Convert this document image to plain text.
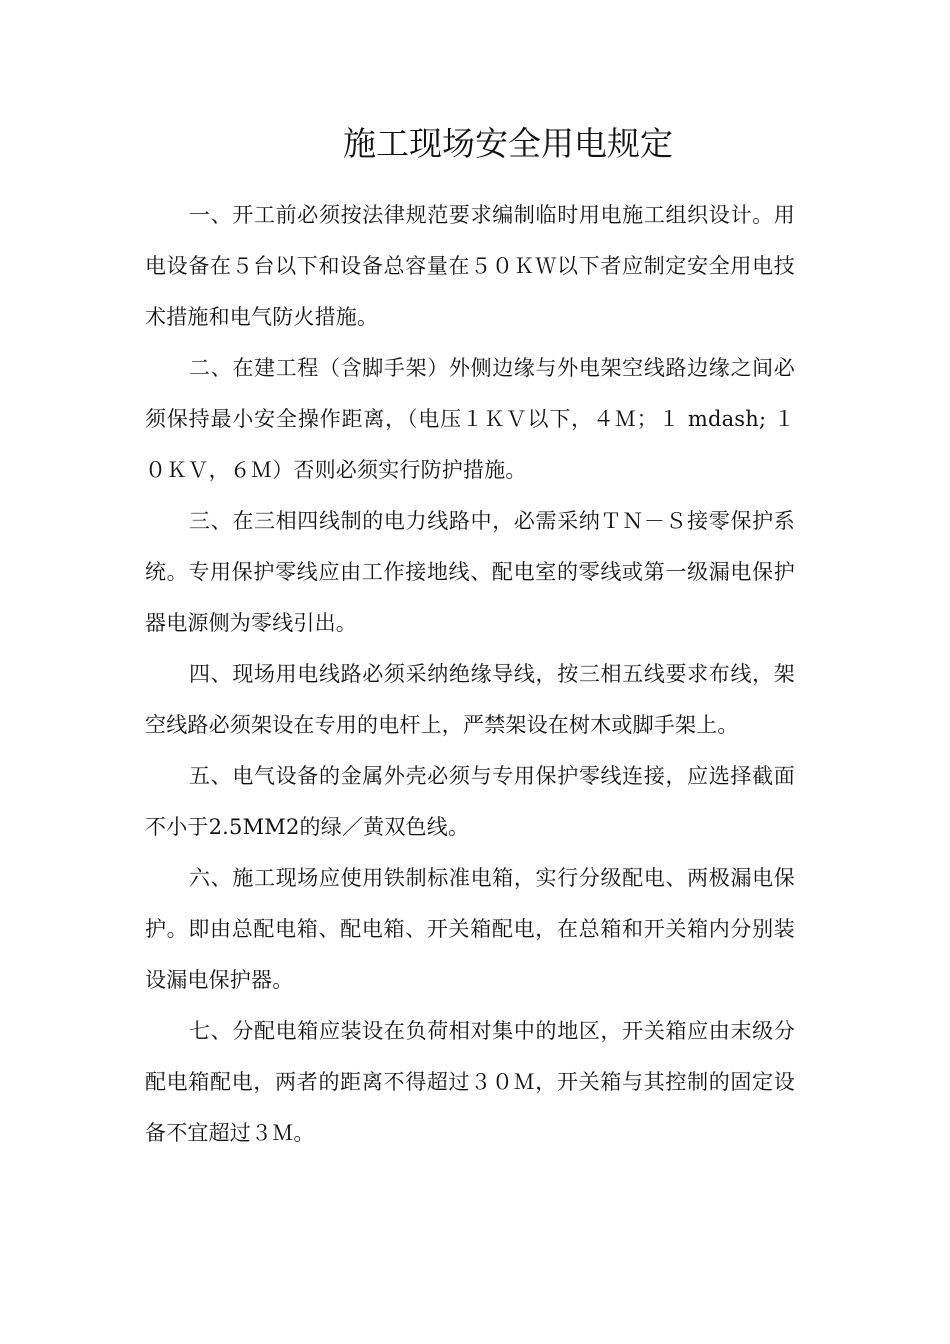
施工现场安全用电规定

一、开工前必须按法律规范要求编制临时用电施工组织设计。用电设备在５台以下和设备总容量在５０ＫＷ以下者应制定安全用电技术措施和电气防火措施。

二、在建工程（含脚手架）外侧边缘与外电架空线路边缘之间必须保持最小安全操作距离，（电压１ＫＶ以下，４Ｍ；１ mdash; １０ＫＶ，６Ｍ）否则必须实行防护措施。

三、在三相四线制的电力线路中，必需采纳ＴＮ－Ｓ接零保护系统。专用保护零线应由工作接地线、配电室的零线或第一级漏电保护器电源侧为零线引出。

四、现场用电线路必须采纳绝缘导线，按三相五线要求布线，架空线路必须架设在专用的电杆上，严禁架设在树木或脚手架上。

五、电气设备的金属外壳必须与专用保护零线连接，应选择截面不小于2.5MM2的绿／黄双色线。

六、施工现场应使用铁制标准电箱，实行分级配电、两极漏电保护。即由总配电箱、配电箱、开关箱配电，在总箱和开关箱内分别装设漏电保护器。

七、分配电箱应装设在负荷相对集中的地区，开关箱应由末级分配电箱配电，两者的距离不得超过３０Ｍ，开关箱与其控制的固定设备不宜超过３Ｍ。
